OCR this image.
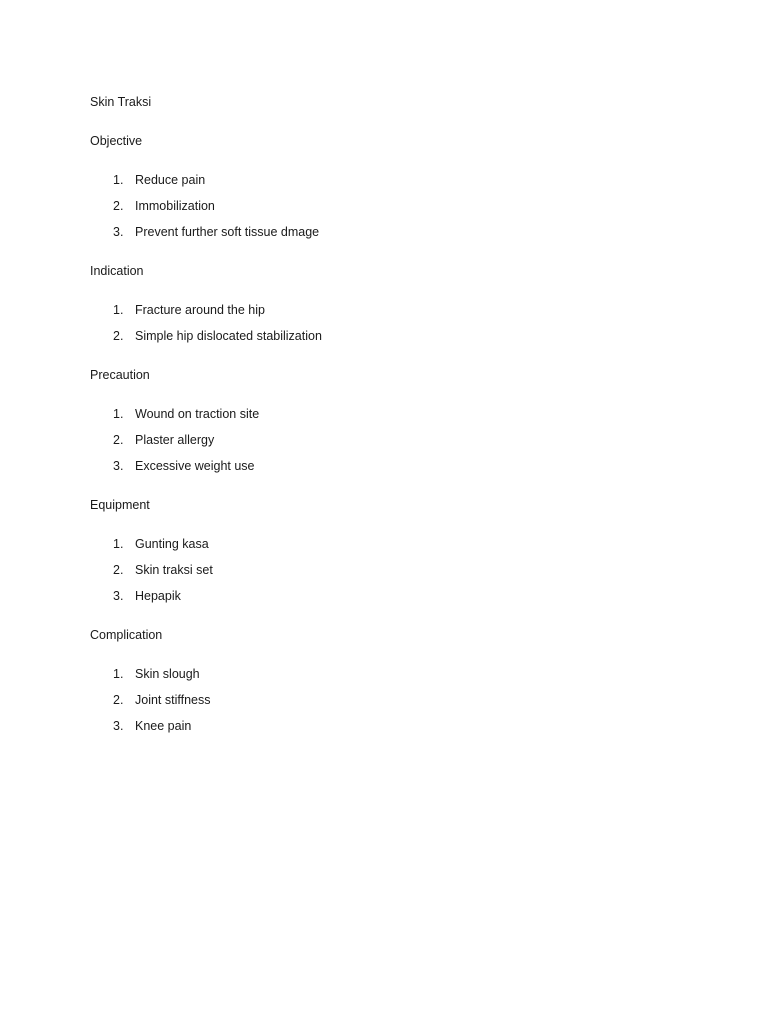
Skin Traksi
Objective
1. Reduce pain
2. Immobilization
3. Prevent further soft tissue dmage
Indication
1. Fracture around the hip
2. Simple hip dislocated stabilization
Precaution
1. Wound on traction site
2. Plaster allergy
3. Excessive weight use
Equipment
1. Gunting kasa
2. Skin traksi set
3. Hepapik
Complication
1. Skin slough
2. Joint stiffness
3. Knee pain
